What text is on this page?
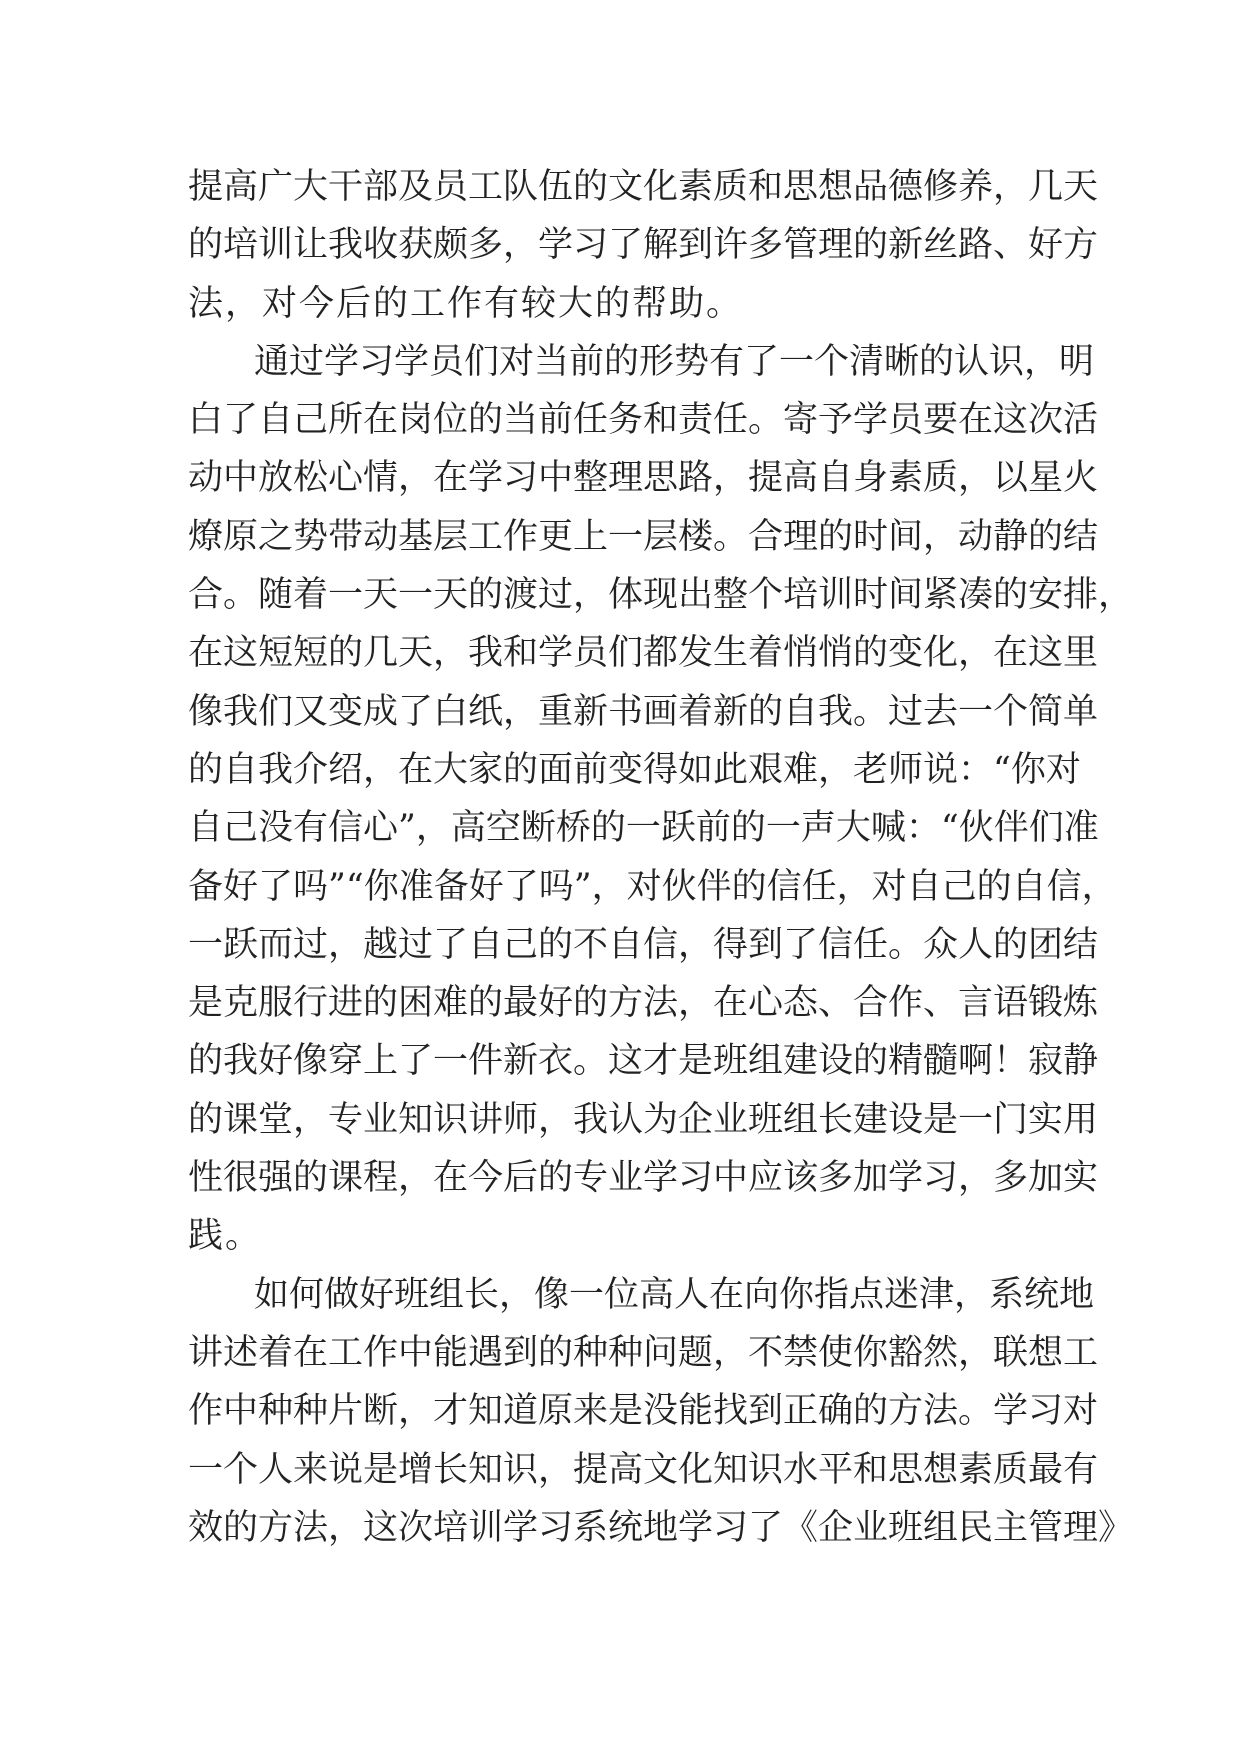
提高广大干部及员工队伍的文化素质和思想品德修养，几天
的培训让我收获颇多，学习了解到许多管理的新丝路、好方
法，对今后的工作有较大的帮助。
通过学习学员们对当前的形势有了一个清晰的认识，明
白了自己所在岗位的当前任务和责任。寄予学员要在这次活
动中放松心情，在学习中整理思路，提高自身素质，以星火
燎原之势带动基层工作更上一层楼。合理的时间，动静的结
合。随着一天一天的渡过，体现出整个培训时间紧凑的安排，
在这短短的几天，我和学员们都发生着悄悄的变化，在这里
像我们又变成了白纸，重新书画着新的自我。过去一个简单
的自我介绍，在大家的面前变得如此艰难，老师说：“你对
自己没有信心”，高空断桥的一跃前的一声大喊：“伙伴们准
备好了吗”“你准备好了吗”，对伙伴的信任，对自己的自信，
一跃而过，越过了自己的不自信，得到了信任。众人的团结
是克服行进的困难的最好的方法，在心态、合作、言语锻炼
的我好像穿上了一件新衣。这才是班组建设的精髓啊！寂静
的课堂，专业知识讲师，我认为企业班组长建设是一门实用
性很强的课程，在今后的专业学习中应该多加学习，多加实
践。
如何做好班组长，像一位高人在向你指点迷津，系统地
讲述着在工作中能遇到的种种问题，不禁使你豁然，联想工
作中种种片断，才知道原来是没能找到正确的方法。学习对
一个人来说是增长知识，提高文化知识水平和思想素质最有
效的方法，这次培训学习系统地学习了《企业班组民主管理》
